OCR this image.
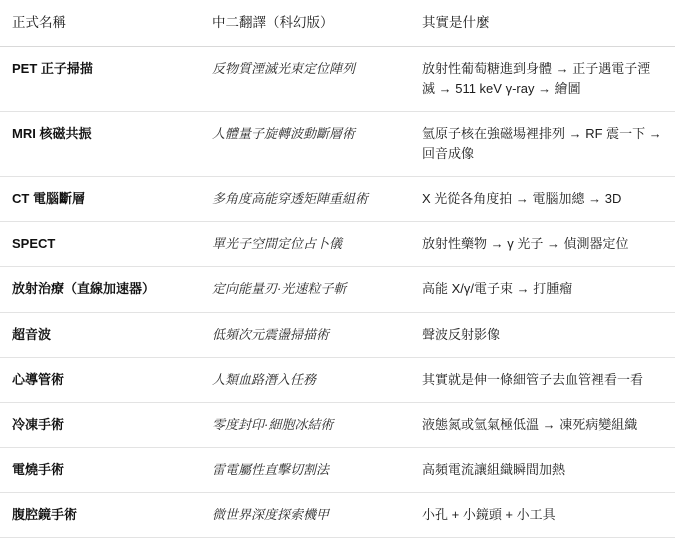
正式名稱	中二翻譯（科幻版）	其實是什麼
PET 正子掃描	反物質湮滅光束定位陣列	放射性葡萄糖進到身體 → 正子遇電子湮滅 → 511 keV γ-ray → 繪圖
MRI 核磁共振	人體量子旋轉波動斷層術	氫原子核在強磁場裡排列 → RF 震一下 → 回音成像
CT 電腦斷層	多角度高能穿透矩陣重組術	X 光從各角度拍 → 電腦加總 → 3D
SPECT	單光子空間定位占卜儀	放射性藥物 → γ 光子 → 偵測器定位
放射治療（直線加速器）	定向能量刃·光速粒子斬	高能 X/γ/電子束 → 打腫瘤
超音波	低頻次元震盪掃描術	聲波反射影像
心導管術	人類血路潛入任務	其實就是伸一條細管子去血管裡看一看
冷凍手術	零度封印·細胞冰結術	液態氮或氫氣極低溫 → 凍死病變組織
電燒手術	雷電屬性直擊切割法	高頻電流讓組織瞬間加熱
腹腔鏡手術	微世界深度探索機甲	小孔 + 小鏡頭 + 小工具
